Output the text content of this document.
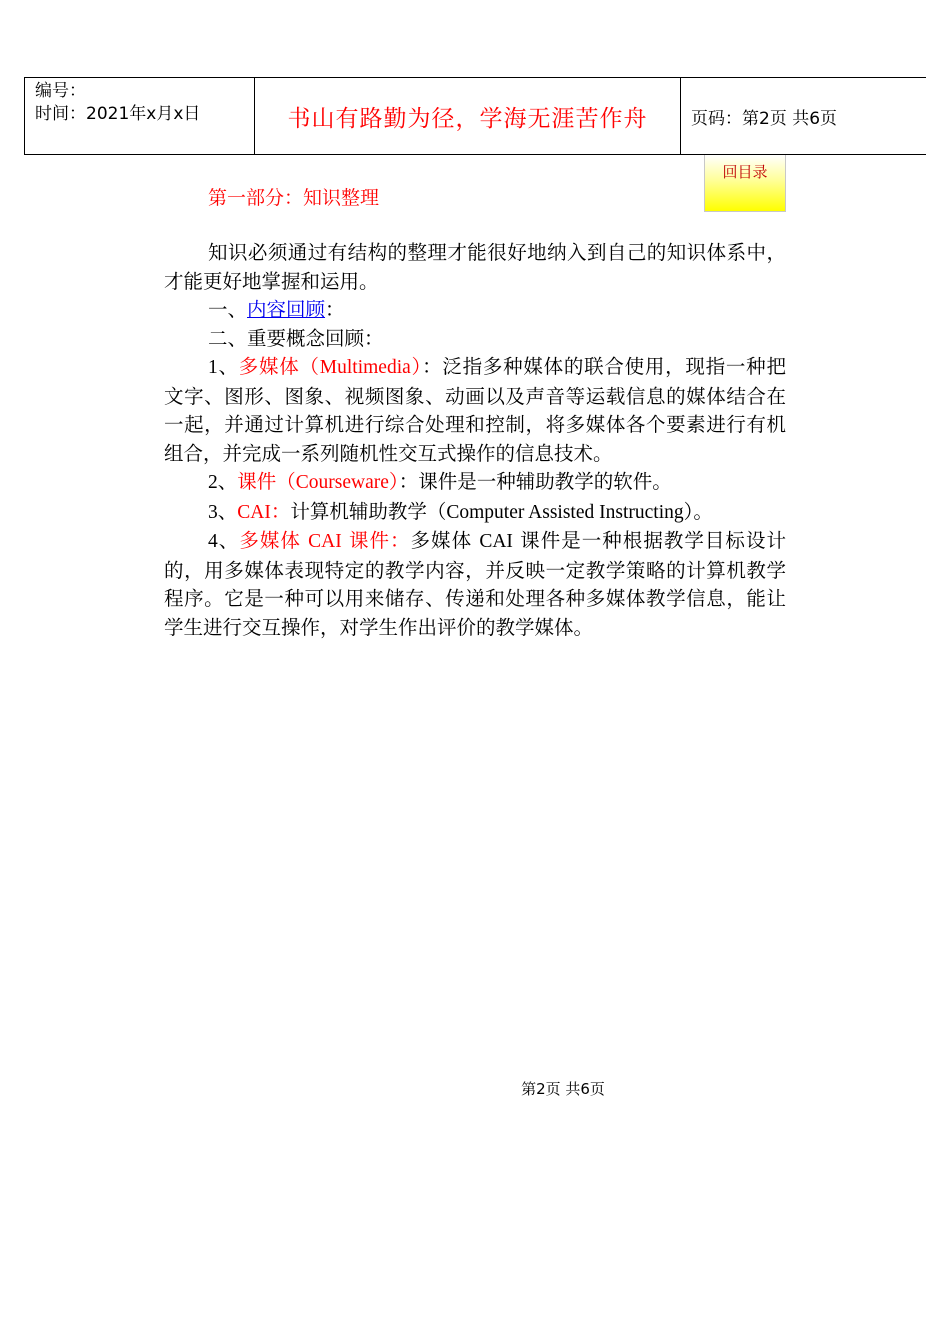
编号：
时间：2021年x月x日	书山有路勤为径，学海无涯苦作舟	页码：第2页 共6页
回目录
第一部分：知识整理

知识必须通过有结构的整理才能很好地纳入到自己的知识体系中，才能更好地掌握和运用。

一、内容回顾：

二、重要概念回顾：

1、多媒体（Multimedia）：泛指多种媒体的联合使用，现指一种把文字、图形、图象、视频图象、动画以及声音等运载信息的媒体结合在一起，并通过计算机进行综合处理和控制，将多媒体各个要素进行有机组合，并完成一系列随机性交互式操作的信息技术。

2、课件（Courseware）：课件是一种辅助教学的软件。

3、CAI：计算机辅助教学（Computer Assisted Instructing）。

4、多媒体 CAI 课件：多媒体 CAI 课件是一种根据教学目标设计的，用多媒体表现特定的教学内容，并反映一定教学策略的计算机教学程序。它是一种可以用来储存、传递和处理各种多媒体教学信息，能让学生进行交互操作，对学生作出评价的教学媒体。

第2页 共6页
